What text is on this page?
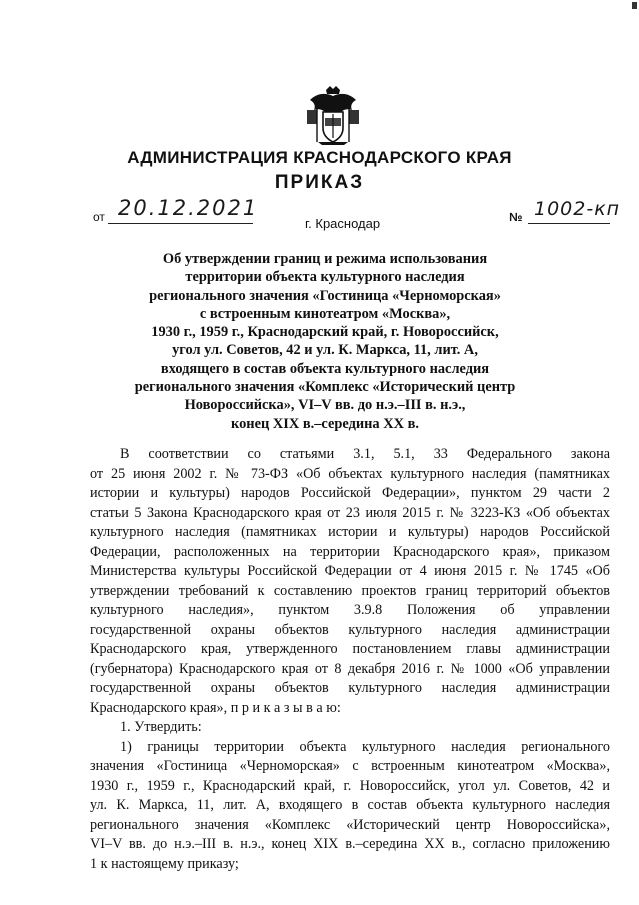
АДМИНИСТРАЦИЯ КРАСНОДАРСКОГО КРАЯ
ПРИКАЗ
от 20.12.2021
г. Краснодар	№ 1002-кп
Об утверждении границ и режима использования
территории объекта культурного наследия
регионального значения «Гостиница «Черноморская»
с встроенным кинотеатром «Москва»,
1930 г., 1959 г., Краснодарский край, г. Новороссийск,
угол ул. Советов, 42 и ул. К. Маркса, 11, лит. А,
входящего в состав объекта культурного наследия
регионального значения «Комплекс «Исторический центр
Новороссийска», VI–V вв. до н.э.–III в. н.э.,
конец XIX в.–середина XX в.
В соответствии со статьями 3.1, 5.1, 33 Федерального закона
от 25 июня 2002 г. № 73-ФЗ «Об объектах культурного наследия (памятниках
истории и культуры) народов Российской Федерации», пунктом 29 части 2
статьи 5 Закона Краснодарского края от 23 июля 2015 г. № 3223-КЗ «Об объектах
культурного наследия (памятниках истории и культуры) народов Российской
Федерации, расположенных на территории Краснодарского края», приказом
Министерства культуры Российской Федерации от 4 июня 2015 г. № 1745 «Об
утверждении требований к составлению проектов границ территорий объектов
культурного наследия», пунктом 3.9.8 Положения об управлении
государственной охраны объектов культурного наследия администрации
Краснодарского края, утвержденного постановлением главы администрации
(губернатора) Краснодарского края от 8 декабря 2016 г. № 1000 «Об управлении
государственной охраны объектов культурного наследия администрации
Краснодарского края», п р и к а з ы в а ю:
1. Утвердить:
1) границы территории объекта культурного наследия регионального
значения «Гостиница «Черноморская» с встроенным кинотеатром «Москва»,
1930 г., 1959 г., Краснодарский край, г. Новороссийск, угол ул. Советов, 42 и
ул. К. Маркса, 11, лит. А, входящего в состав объекта культурного наследия
регионального значения «Комплекс «Исторический центр Новороссийска»,
VI–V вв. до н.э.–III в. н.э., конец XIX в.–середина XX в., согласно приложению
1 к настоящему приказу;
